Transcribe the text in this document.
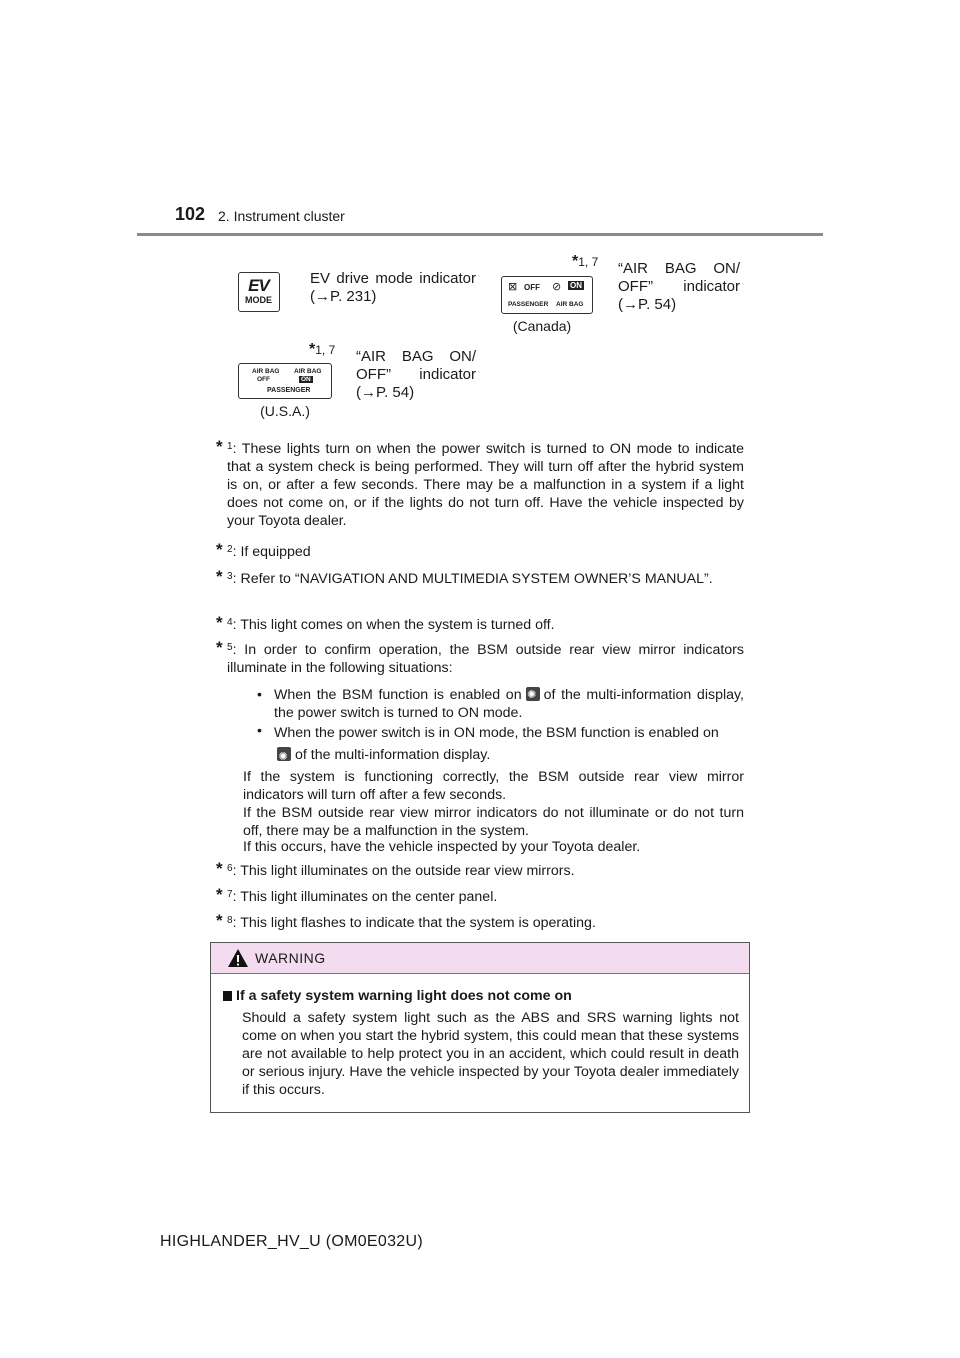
102 2. Instrument cluster
EV
MODE
EV drive mode indicator (→P. 231)
*1, 7
⊠ OFF ⊘ ON
PASSENGER AIR BAG
(Canada)
“AIR BAG ON/ OFF” indicator (→P. 54)
*1, 7
AIR BAG
OFF
AIR BAG
ON
PASSENGER
(U.S.A.)
“AIR BAG ON/ OFF” indicator (→P. 54)
* $^1$: These lights turn on when the power switch is turned to ON mode to indicate that a system check is being performed. They will turn off after the hybrid system is on, or after a few seconds. There may be a malfunction in a system if a light does not come on, or if the lights do not turn off. Have the vehicle inspected by your Toyota dealer.
* $^2$: If equipped
* $^3$: Refer to “NAVIGATION AND MULTIMEDIA SYSTEM OWNER’S MANUAL”.
* $^4$: This light comes on when the system is turned off.
* $^5$: In order to confirm operation, the BSM outside rear view mirror indicators illuminate in the following situations:
• When the BSM function is enabled on✺ of the multi-information display, the power switch is turned to ON mode.
• When the power switch is in ON mode, the BSM function is enabled on
✺of the multi-information display.
If the system is functioning correctly, the BSM outside rear view mirror indicators will turn off after a few seconds.
If the BSM outside rear view mirror indicators do not illuminate or do not turn off, there may be a malfunction in the system.
If this occurs, have the vehicle inspected by your Toyota dealer.
* $^6$: This light illuminates on the outside rear view mirrors.
* $^7$: This light illuminates on the center panel.
* $^8$: This light flashes to indicate that the system is operating.
WARNING
If a safety system warning light does not come on
Should a safety system light such as the ABS and SRS warning lights not come on when you start the hybrid system, this could mean that these systems are not available to help protect you in an accident, which could result in death or serious injury. Have the vehicle inspected by your Toyota dealer immediately if this occurs.
HIGHLANDER_HV_U (OM0E032U)
